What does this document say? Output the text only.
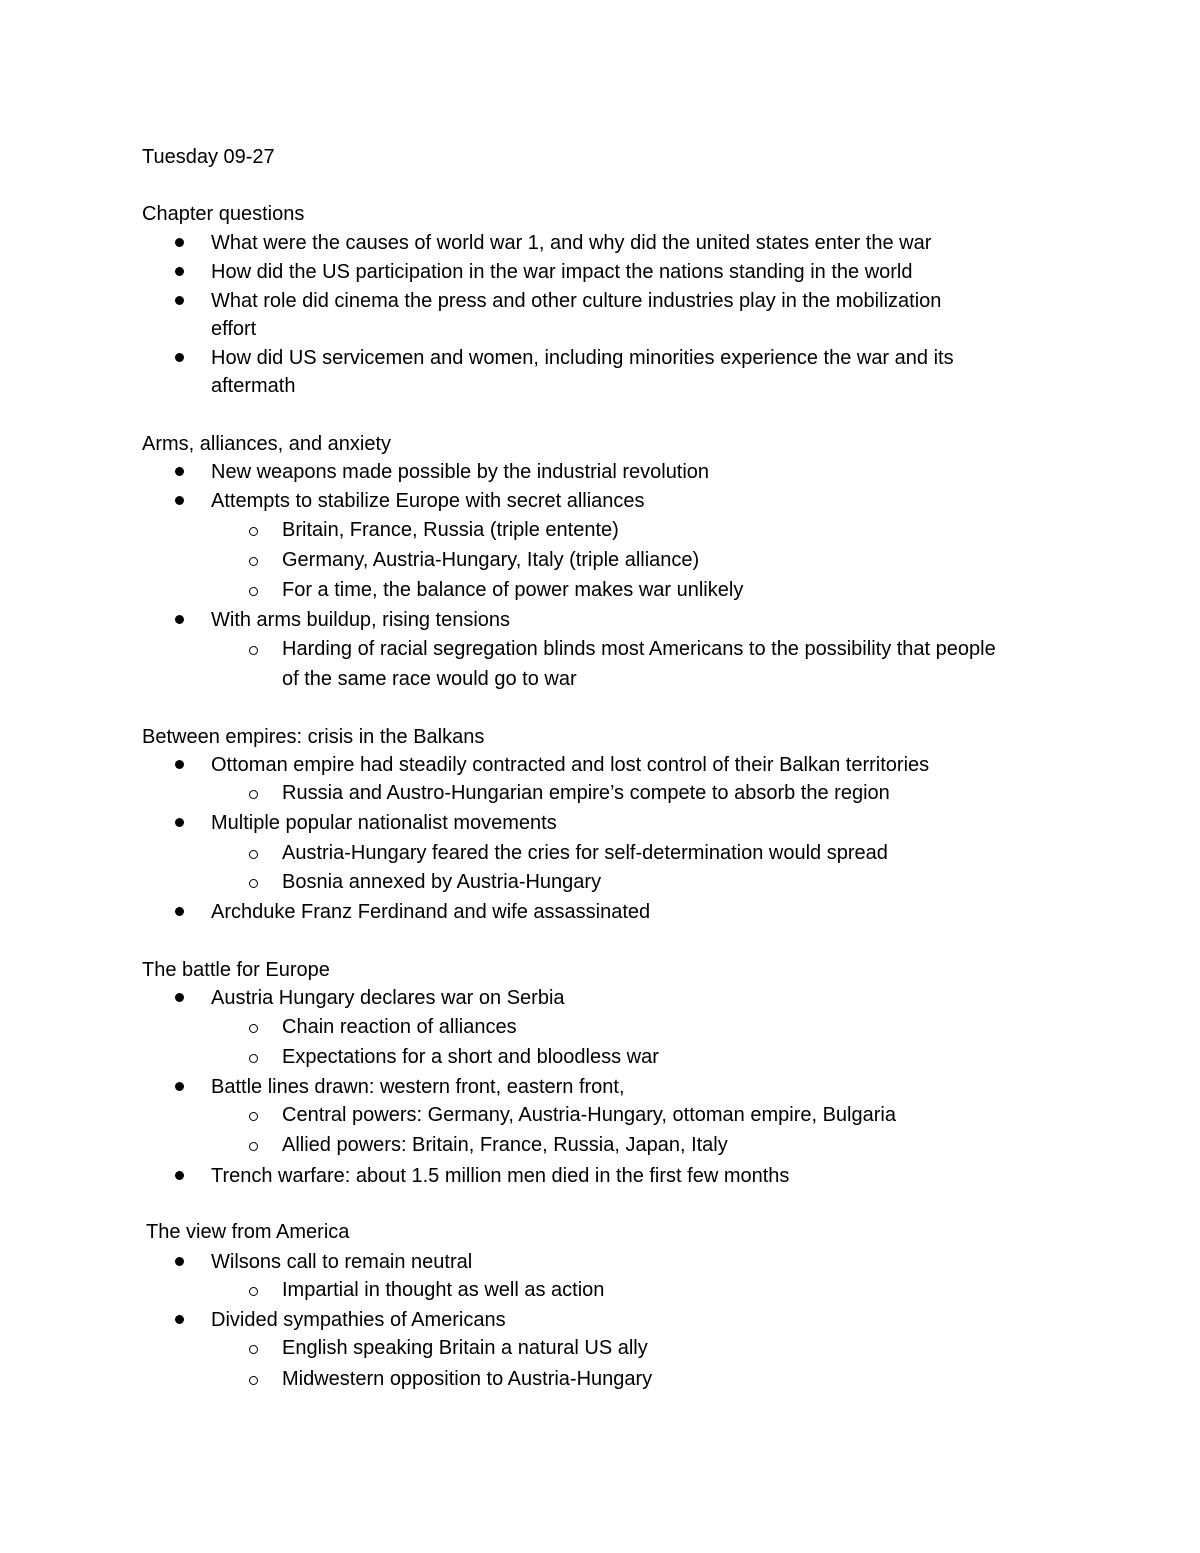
Tuesday 09-27
Chapter questions
What were the causes of world war 1, and why did the united states enter the war
How did the US participation in the war impact the nations standing in the world
What role did cinema the press and other culture industries play in the mobilization
effort
How did US servicemen and women, including minorities experience the war and its
aftermath
Arms, alliances, and anxiety
New weapons made possible by the industrial revolution
Attempts to stabilize Europe with secret alliances
Britain, France, Russia (triple entente)
Germany, Austria-Hungary, Italy (triple alliance)
For a time, the balance of power makes war unlikely
With arms buildup, rising tensions
Harding of racial segregation blinds most Americans to the possibility that people
of the same race would go to war
Between empires: crisis in the Balkans
Ottoman empire had steadily contracted and lost control of their Balkan territories
Russia and Austro-Hungarian empire’s compete to absorb the region
Multiple popular nationalist movements
Austria-Hungary feared the cries for self-determination would spread
Bosnia annexed by Austria-Hungary
Archduke Franz Ferdinand and wife assassinated
The battle for Europe
Austria Hungary declares war on Serbia
Chain reaction of alliances
Expectations for a short and bloodless war
Battle lines drawn: western front, eastern front,
Central powers: Germany, Austria-Hungary, ottoman empire, Bulgaria
Allied powers: Britain, France, Russia, Japan, Italy
Trench warfare: about 1.5 million men died in the first few months
The view from America
Wilsons call to remain neutral
Impartial in thought as well as action
Divided sympathies of Americans
English speaking Britain a natural US ally
Midwestern opposition to Austria-Hungary
